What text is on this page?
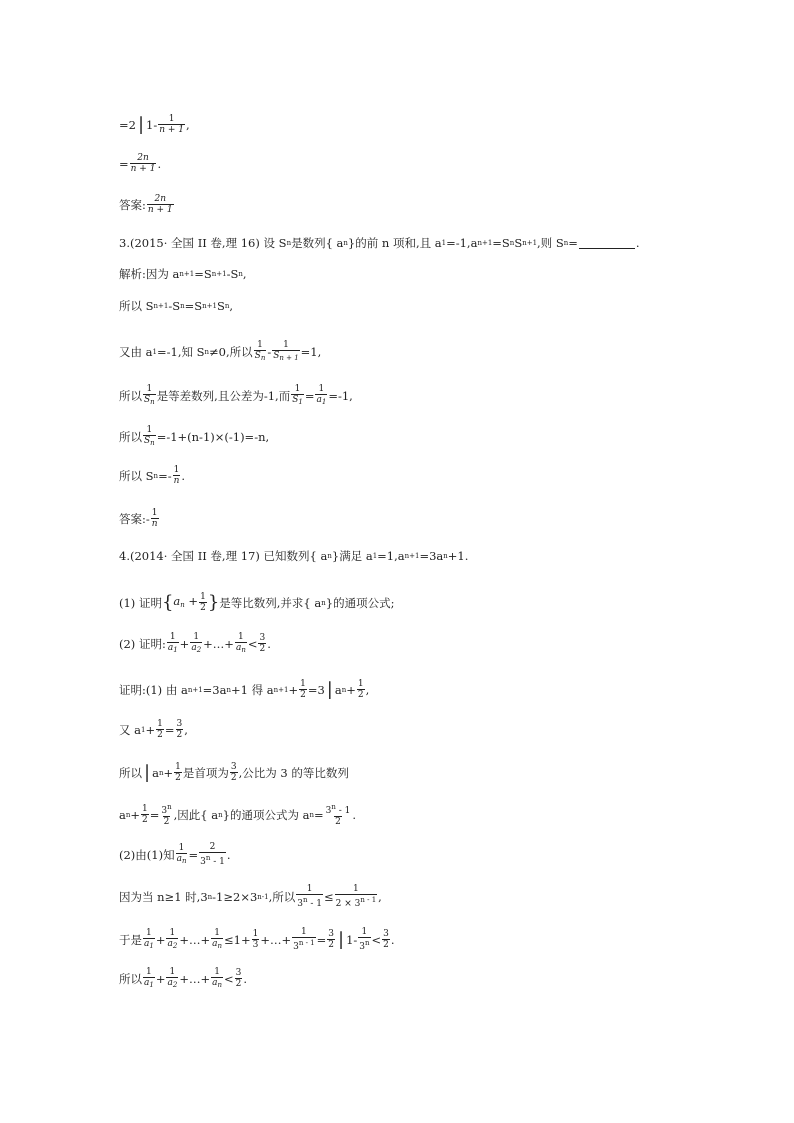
=2 | $1- \frac{1}{n + 1}$ ,
= $\frac{2n}{n + 1}$ .
答案: $\frac{2n}{n + 1}$
3.(2015· 全国 II 卷,理 16) 设 S n 是数列{ a n }的前 n 项和,且 a 1 =-1,a n+1 =S n S n+1 ,则 S n =	.
解析:因为 a n+1 =S n+1 -S n ,
所以 S n+1 -S n =S n+1 S n ,
又由 a 1 =-1,知 S n ≠0,所以 $\frac{1}{S_n} - \frac{1}{S_{n + 1}} =1$,
所以 $\frac{1}{S_n}$ 是等差数列,且公差为-1,而 $\frac{1}{S_1} = \frac{1}{a_1} =-1$,
所以 $\frac{1}{S_n} =-1+(n-1)\times(-1)=-n$,
所以 S $n =- \frac{1}{n}$ .
答案:- $\frac{1}{n}$
4.(2014· 全国 II 卷,理 17) 已知数列{ a n }满足 a 1 =1,a n+1 =3a n +1.
(1) 证明 { $a_n + \frac{1}{2}$ } 是等比数列,并求{ a n }的通项公式;
(2) 证明: $\frac{1}{a_1} + \frac{1}{a_2}$ +…+ $\frac{1}{a_n} < \frac{3}{2}$ .
证明:(1) 由 a n+1 =3a n +1 得 a $n+1 + \frac{1}{2} =3$ | a $n + \frac{1}{2}$ ,
又 a $1 + \frac{1}{2} = \frac{3}{2}$ ,
所以 | a $n + \frac{1}{2}$ 是首项为 $\frac{3}{2}$ ,公比为 3 的等比数列
a $n + \frac{1}{2} = \frac{3^n}{2}$ ,因此{ a n }的通项公式为 a $n = \frac{3^n - 1}{2}$ .
(2)由(1)知 $\frac{1}{a_n} = \frac{2}{3^n - 1}$ .
因为当 n≥1 时,3 n -1≥2×3 n-1 ,所以 $\frac{1}{3^n - 1} \le \frac{1}{2 \times 3^{n - 1}}$ ,
于是 $\frac{1}{a_1} + \frac{1}{a_2}$ +…+ $\frac{1}{a_n} \le 1+ \frac{1}{3}$ +…+ $\frac{1}{3^{n - 1}} = \frac{3}{2}$ | $1- \frac{1}{3^n} < \frac{3}{2}$ .
所以 $\frac{1}{a_1} + \frac{1}{a_2}$ +…+ $\frac{1}{a_n} < \frac{3}{2}$ .
